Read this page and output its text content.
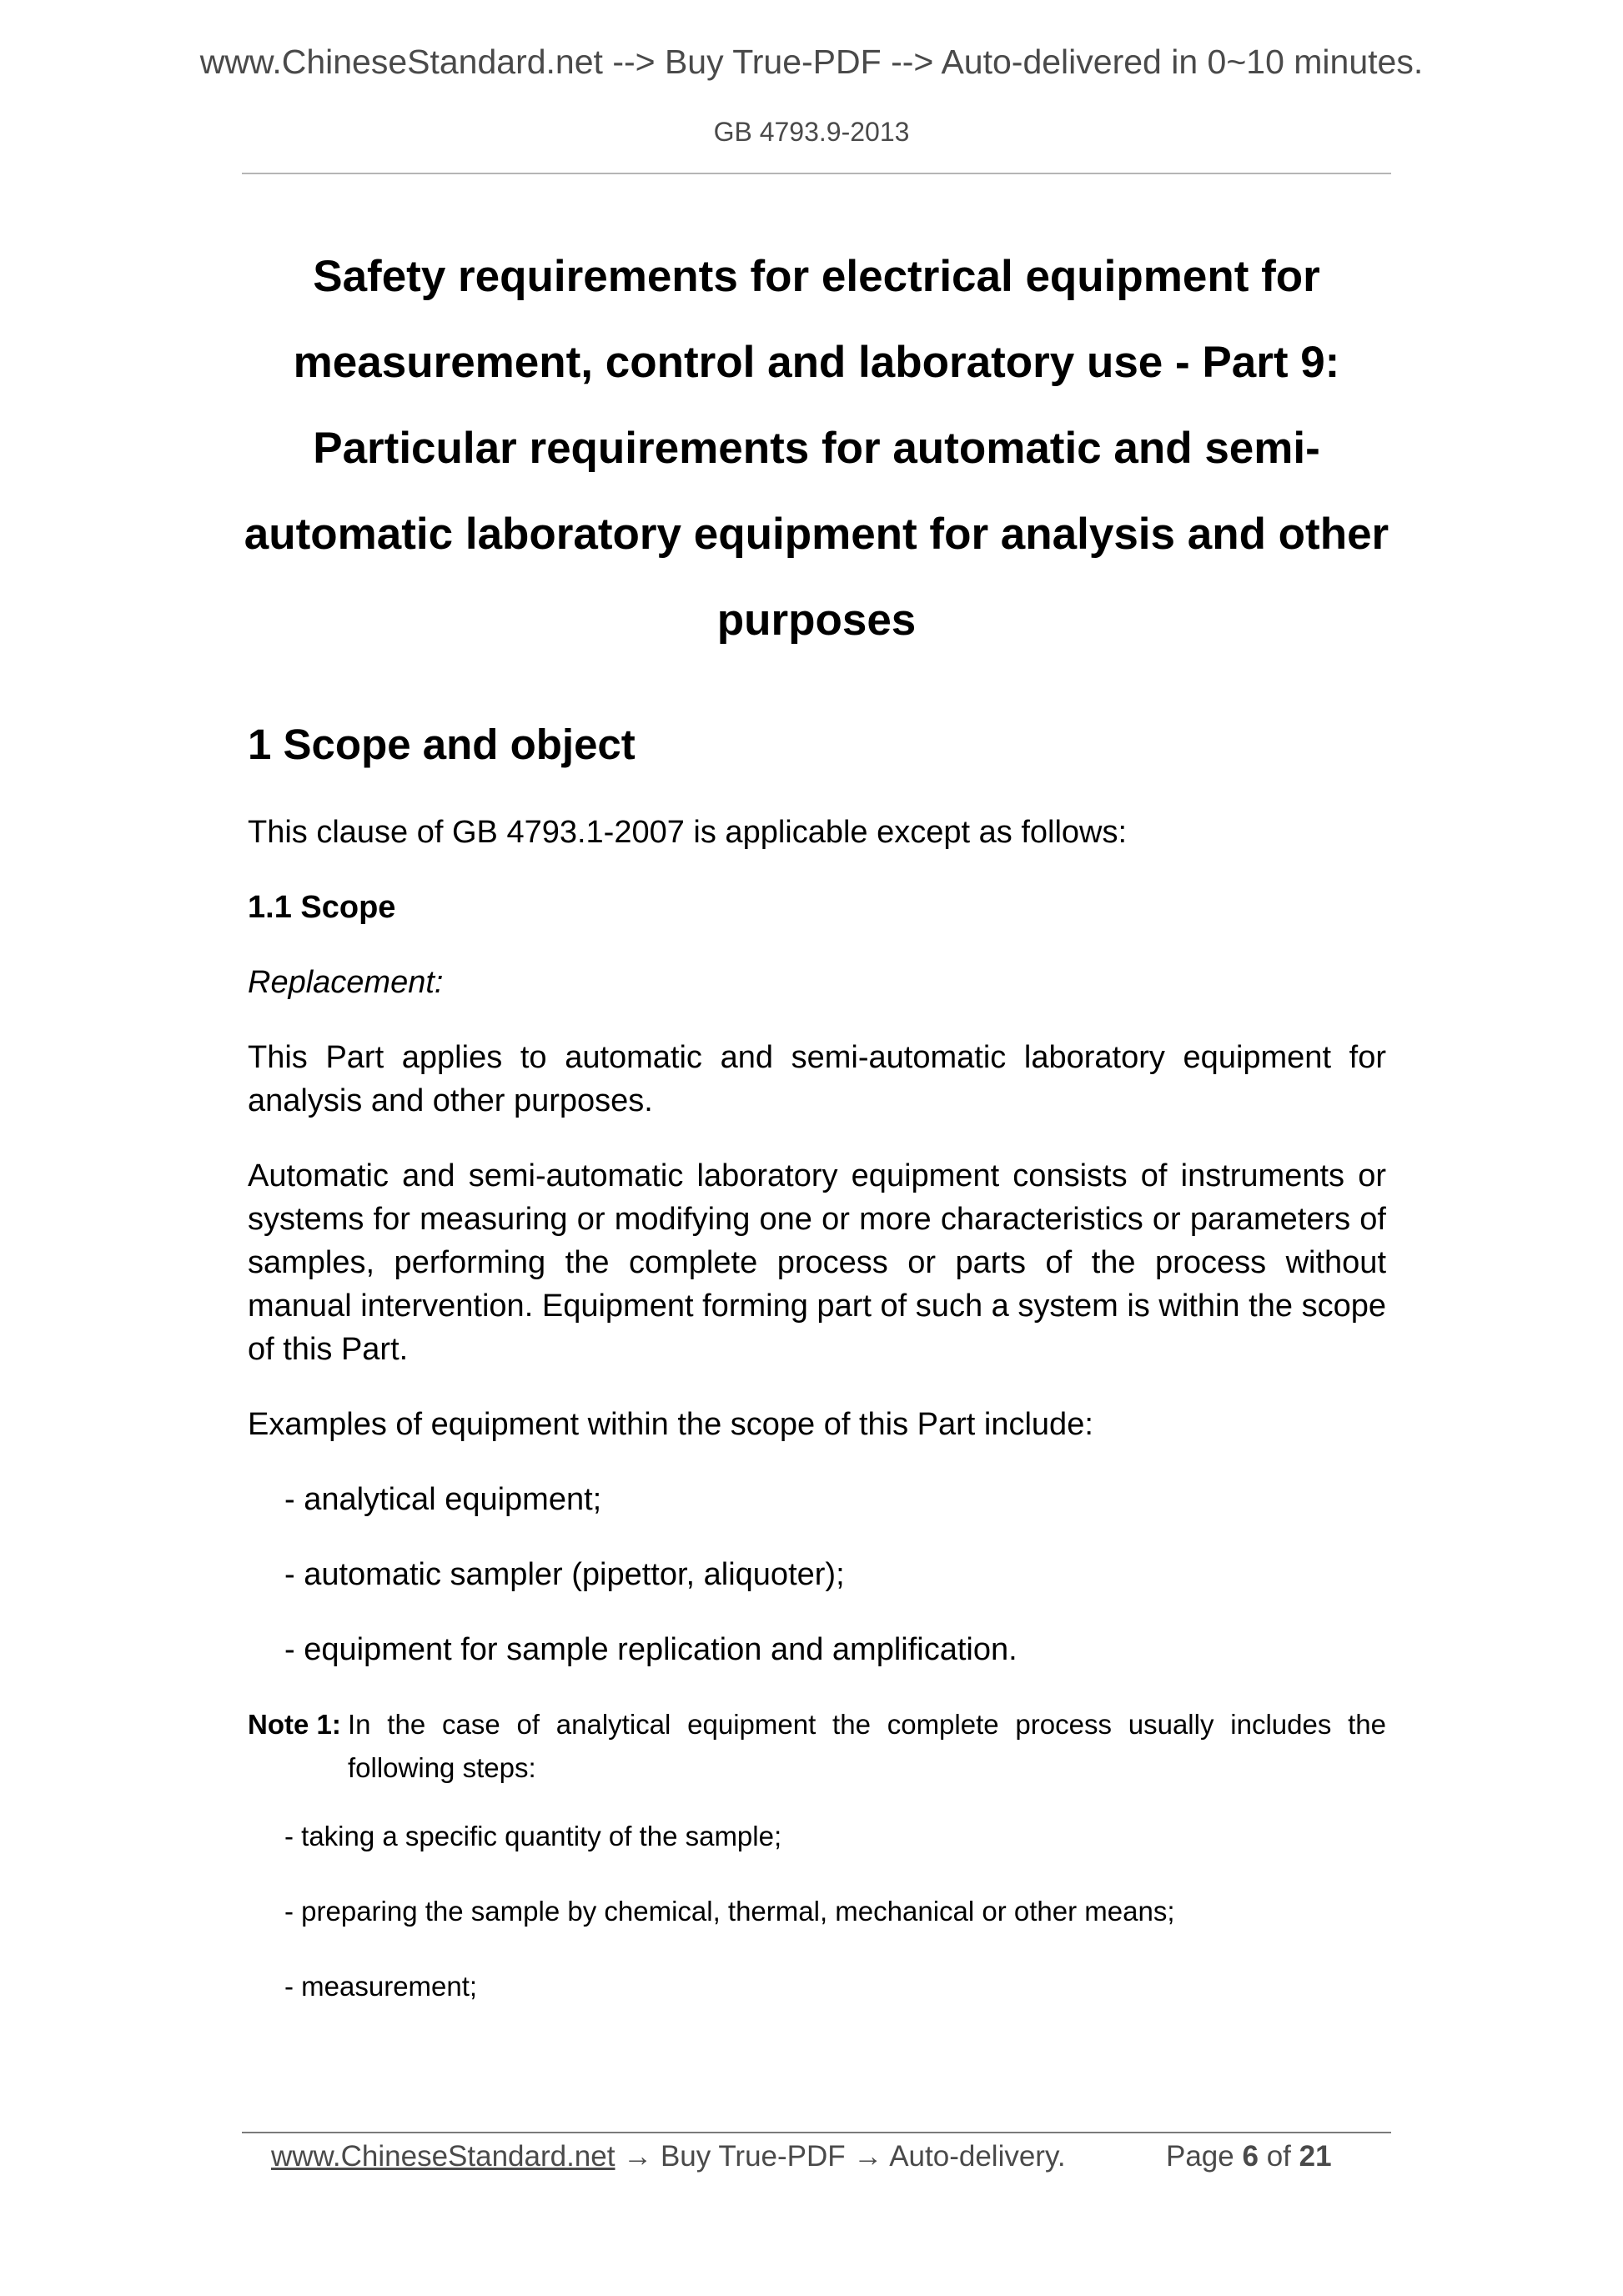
www.ChineseStandard.net --> Buy True-PDF --> Auto-delivered in 0~10 minutes.
GB 4793.9-2013
Safety requirements for electrical equipment for
measurement, control and laboratory use - Part 9:
Particular requirements for automatic and semi-
automatic laboratory equipment for analysis and other
purposes
1 Scope and object

This clause of GB 4793.1-2007 is applicable except as follows:

1.1 Scope

Replacement:

This Part applies to automatic and semi-automatic laboratory equipment for analysis and other purposes.

Automatic and semi-automatic laboratory equipment consists of instruments or systems for measuring or modifying one or more characteristics or parameters of samples, performing the complete process or parts of the process without manual intervention. Equipment forming part of such a system is within the scope of this Part.

Examples of equipment within the scope of this Part include:

- analytical equipment;

- automatic sampler (pipettor, aliquoter);

- equipment for sample replication and amplification.

Note 1: In the case of analytical equipment the complete process usually includes the following steps:

- taking a specific quantity of the sample;

- preparing the sample by chemical, thermal, mechanical or other means;

- measurement;

www.ChineseStandard.net → Buy True-PDF → Auto-delivery.	Page 6 of 21
